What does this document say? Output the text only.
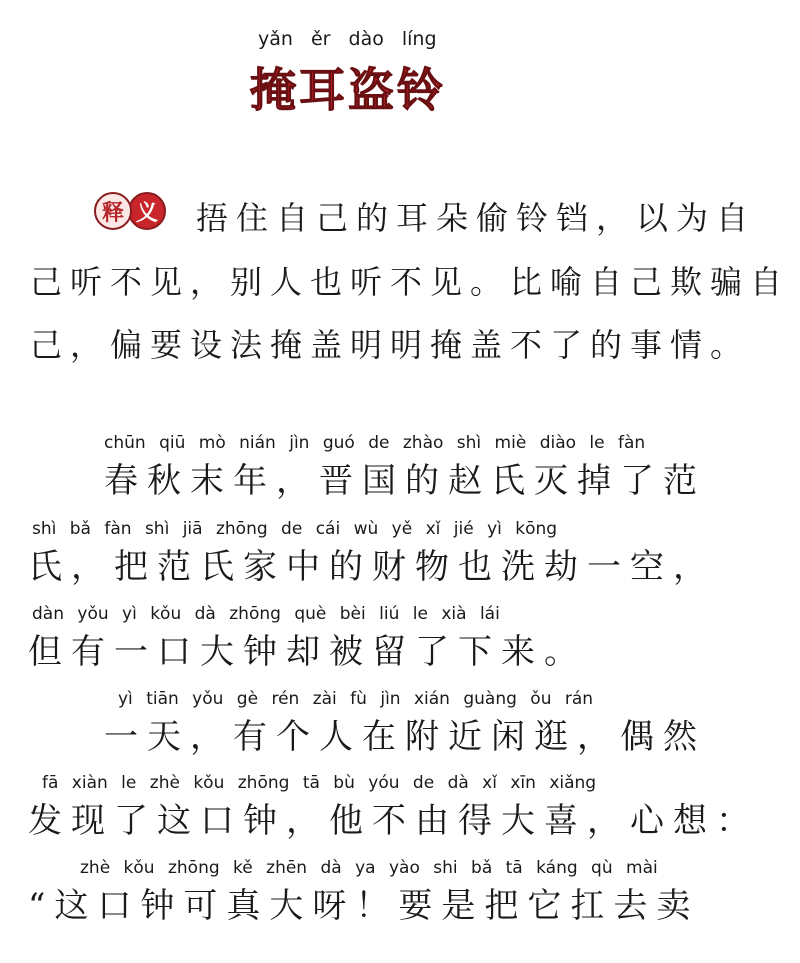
yǎn ěr dào líng
掩耳盗铃
释 义 捂住自己的耳朵偷铃铛，以为自
己听不见，别人也听不见。比喻自己欺骗自
己，偏要设法掩盖明明掩盖不了的事情。
chūn qiū mò nián jìn guó de zhào shì miè diào le fàn
春秋末年，晋国的赵氏灭掉了范
shì bǎ fàn shì jiā zhōng de cái wù yě xǐ jié yì kōng
氏，把范氏家中的财物也洗劫一空，
dàn yǒu yì kǒu dà zhōng què bèi liú le xià lái
但有一口大钟却被留了下来。
yì tiān yǒu gè rén zài fù jìn xián guàng ǒu rán
一天，有个人在附近闲逛，偶然
fā xiàn le zhè kǒu zhōng tā bù yóu de dà xǐ xīn xiǎng
发现了这口钟，他不由得大喜，心想：
zhè kǒu zhōng kě zhēn dà ya yào shi bǎ tā káng qù mài
“这口钟可真大呀！要是把它扛去卖
